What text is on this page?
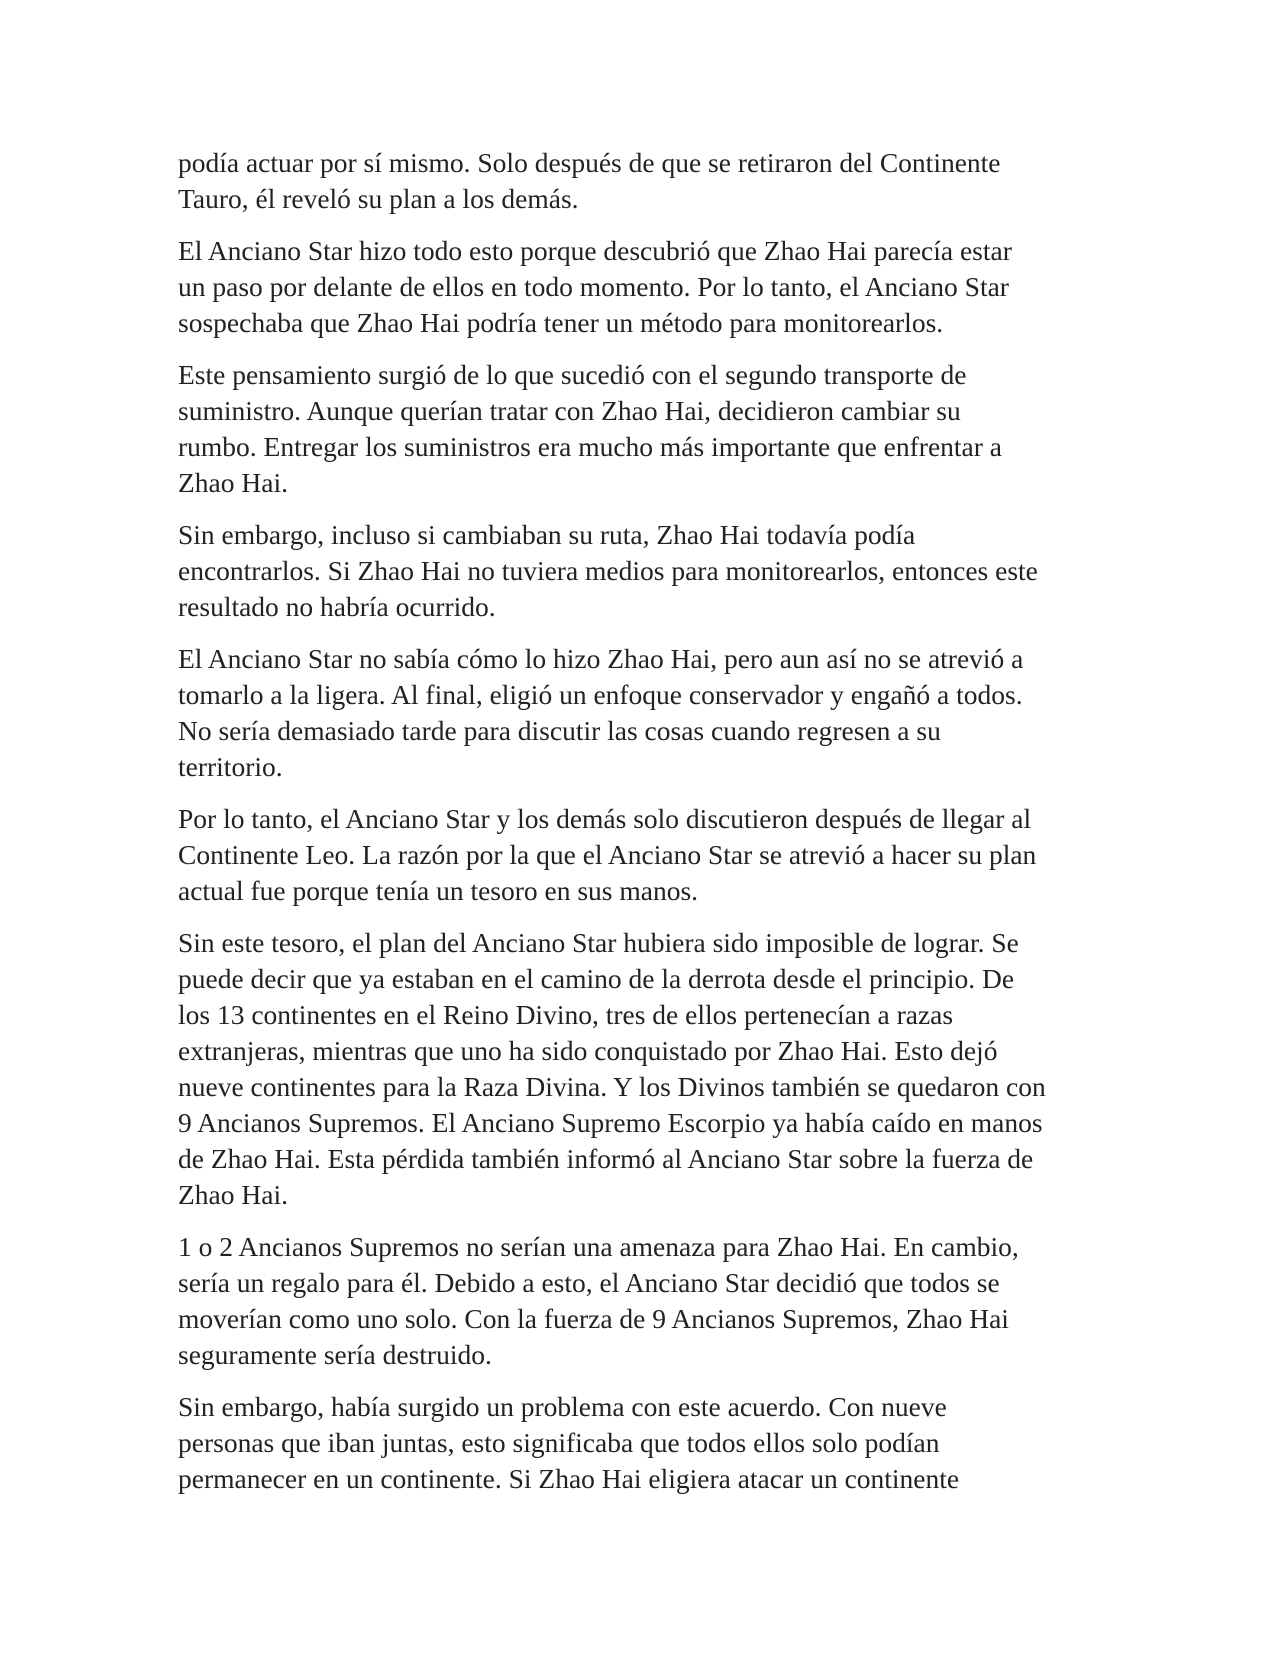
podía actuar por sí mismo. Solo después de que se retiraron del Continente
Tauro, él reveló su plan a los demás.

El Anciano Star hizo todo esto porque descubrió que Zhao Hai parecía estar
un paso por delante de ellos en todo momento. Por lo tanto, el Anciano Star
sospechaba que Zhao Hai podría tener un método para monitorearlos.

Este pensamiento surgió de lo que sucedió con el segundo transporte de
suministro. Aunque querían tratar con Zhao Hai, decidieron cambiar su
rumbo. Entregar los suministros era mucho más importante que enfrentar a
Zhao Hai.

Sin embargo, incluso si cambiaban su ruta, Zhao Hai todavía podía
encontrarlos. Si Zhao Hai no tuviera medios para monitorearlos, entonces este
resultado no habría ocurrido.

El Anciano Star no sabía cómo lo hizo Zhao Hai, pero aun así no se atrevió a
tomarlo a la ligera. Al final, eligió un enfoque conservador y engañó a todos.
No sería demasiado tarde para discutir las cosas cuando regresen a su
territorio.

Por lo tanto, el Anciano Star y los demás solo discutieron después de llegar al
Continente Leo. La razón por la que el Anciano Star se atrevió a hacer su plan
actual fue porque tenía un tesoro en sus manos.

Sin este tesoro, el plan del Anciano Star hubiera sido imposible de lograr. Se
puede decir que ya estaban en el camino de la derrota desde el principio. De
los 13 continentes en el Reino Divino, tres de ellos pertenecían a razas
extranjeras, mientras que uno ha sido conquistado por Zhao Hai. Esto dejó
nueve continentes para la Raza Divina. Y los Divinos también se quedaron con
9 Ancianos Supremos. El Anciano Supremo Escorpio ya había caído en manos
de Zhao Hai. Esta pérdida también informó al Anciano Star sobre la fuerza de
Zhao Hai.

1 o 2 Ancianos Supremos no serían una amenaza para Zhao Hai. En cambio,
sería un regalo para él. Debido a esto, el Anciano Star decidió que todos se
moverían como uno solo. Con la fuerza de 9 Ancianos Supremos, Zhao Hai
seguramente sería destruido.

Sin embargo, había surgido un problema con este acuerdo. Con nueve
personas que iban juntas, esto significaba que todos ellos solo podían
permanecer en un continente. Si Zhao Hai eligiera atacar un continente
